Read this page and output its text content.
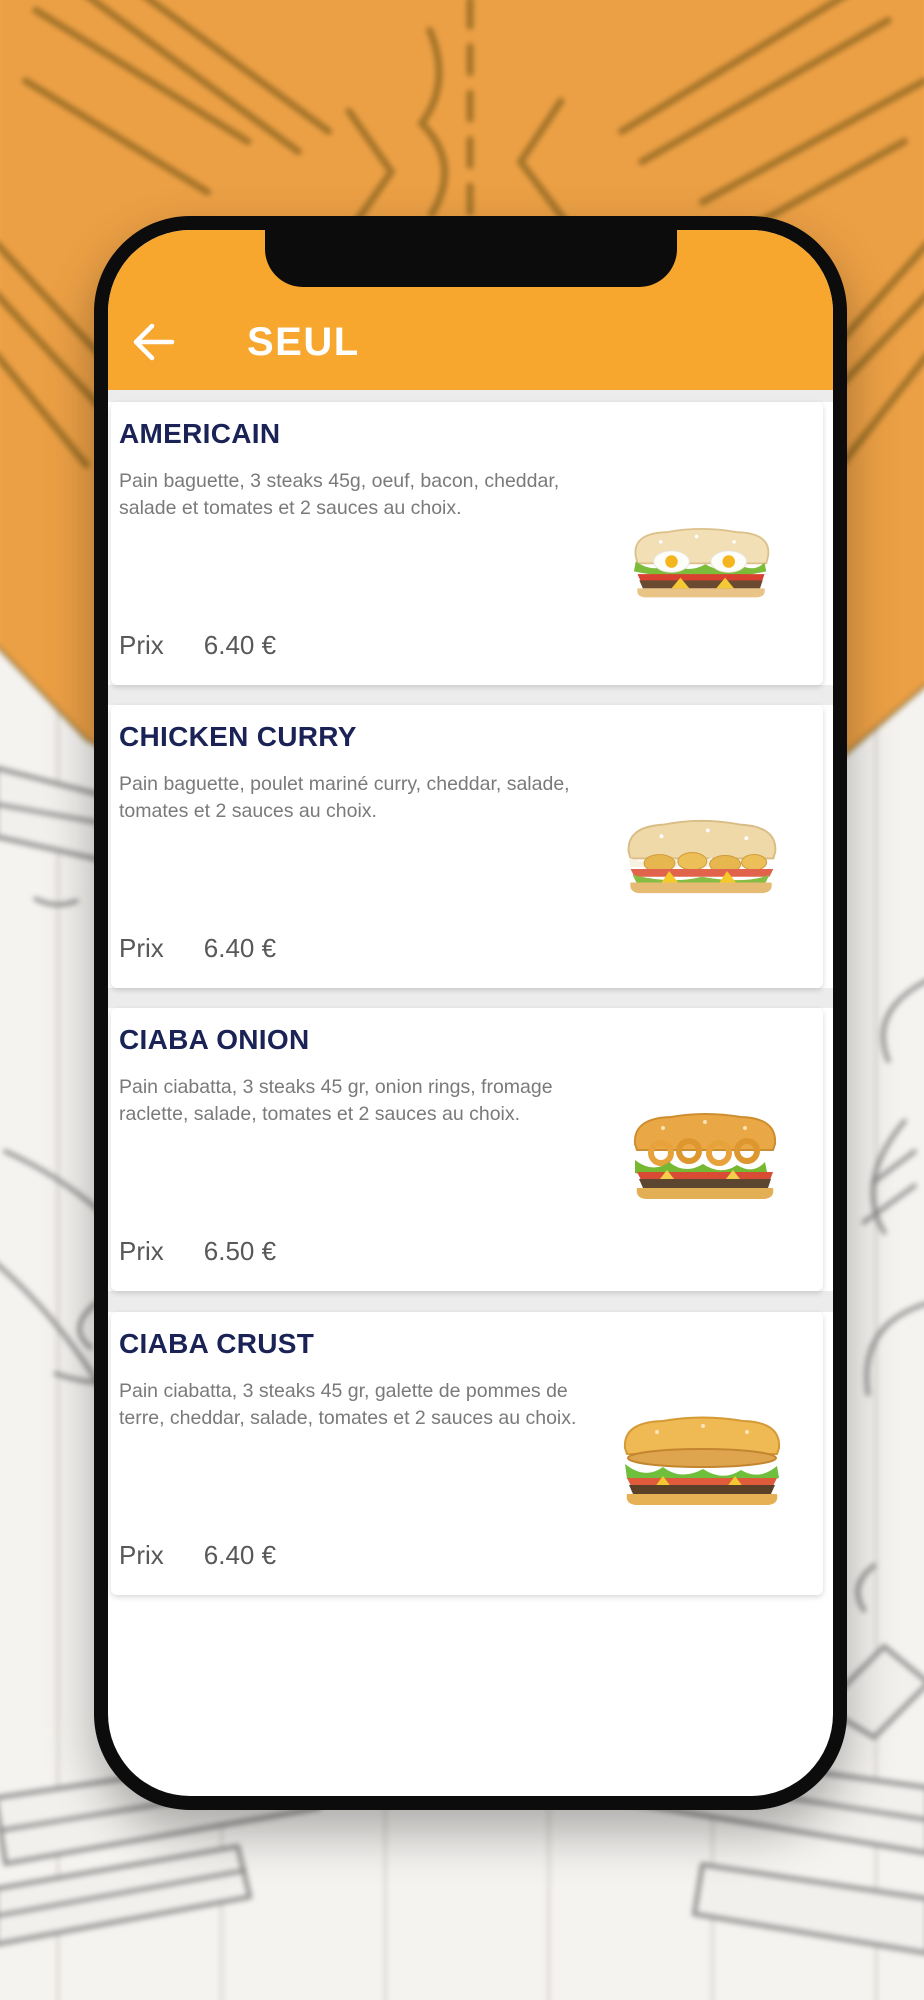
SEUL
AMERICAIN
Pain baguette, 3 steaks 45g, oeuf, bacon, cheddar, salade et tomates et 2 sauces au choix.
Prix 6.40 €
CHICKEN CURRY
Pain baguette, poulet mariné curry, cheddar, salade, tomates et 2 sauces au choix.
Prix 6.40 €
CIABA ONION
Pain ciabatta, 3 steaks 45 gr, onion rings, fromage raclette, salade, tomates et 2 sauces au choix.
Prix 6.50 €
CIABA CRUST
Pain ciabatta, 3 steaks 45 gr, galette de pommes de terre, cheddar, salade, tomates et 2 sauces au choix.
Prix 6.40 €
